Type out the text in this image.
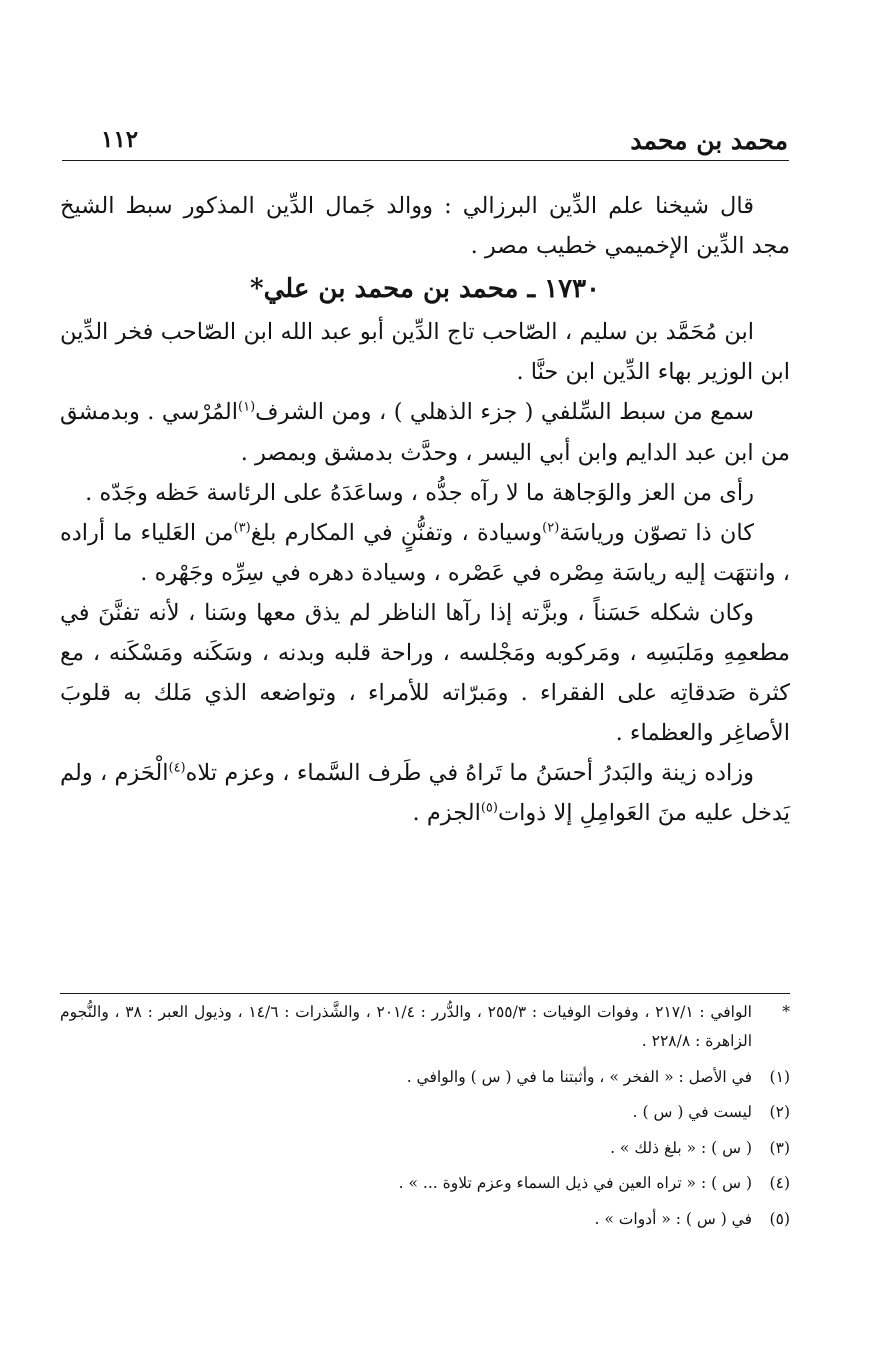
محمد بن محمد
١١٢

قال شيخنا علم الدِّين البرزالي : ووالد جَمال الدِّين المذكور سبط الشيخ مجد الدِّين الإخميمي خطيب مصر .

١٧٣٠ ـ محمد بن محمد بن علي*

ابن مُحَمَّد بن سليم ، الصّاحب تاج الدِّين أبو عبد الله ابن الصّاحب فخر الدِّين ابن الوزير بهاء الدِّين ابن حنَّا .

سمع من سبط السِّلفي ( جزء الذهلي ) ، ومن الشرف$^{(١)}$المُرْسي . وبدمشق من ابن عبد الدايم وابن أبي اليسر ، وحدَّث بدمشق وبمصر .

رأى من العز والوَجاهة ما لا رآه جدُّه ، وساعَدَهُ على الرئاسة حَظه وجَدّه .

كان ذا تصوّن ورياسَة$^{(٢)}$وسيادة ، وتفنُّنٍ في المكارم بلغ$^{(٣)}$من العَلياء ما أراده ، وانتهَت إليه رياسَة مِصْره في عَصْره ، وسيادة دهره في سِرِّه وجَهْره .

وكان شكله حَسَناً ، وبزَّته إذا رآها الناظر لم يذق معها وسَنا ، لأنه تفنَّنَ في مطعمِهِ ومَلبَسِه ، ومَركوبه ومَجْلسه ، وراحة قلبه وبدنه ، وسَكَنه ومَسْكَنه ، مع كثرة صَدقاتِه على الفقراء . ومَبرّاته للأمراء ، وتواضعه الذي مَلك به قلوبَ الأصاغِر والعظماء .

وزاده زينة والبَدرُ أحسَنُ ما تَراهُ في طَرف السَّماء ، وعزم تلاه$^{(٤)}$الْحَزم ، ولم يَدخل عليه منَ العَوامِلِ إلا ذوات$^{(٥)}$الجزم .

*
الوافي : ٢١٧/١ ، وفوات الوفيات : ٢٥٥/٣ ، والدُّرر : ٢٠١/٤ ، والشَّذرات : ١٤/٦ ، وذيول العبر : ٣٨ ، والنُّجوم الزاهرة : ٢٢٨/٨ .
(١)
في الأصل : « الفخر » ، وأثبتنا ما في ( س ) والوافي .
(٢)
ليست في ( س ) .
(٣)
( س ) : « بلغ ذلك » .
(٤)
( س ) : « تراه العين في ذيل السماء وعزم تلاوة ... » .
(٥)
في ( س ) : « أدوات » .
